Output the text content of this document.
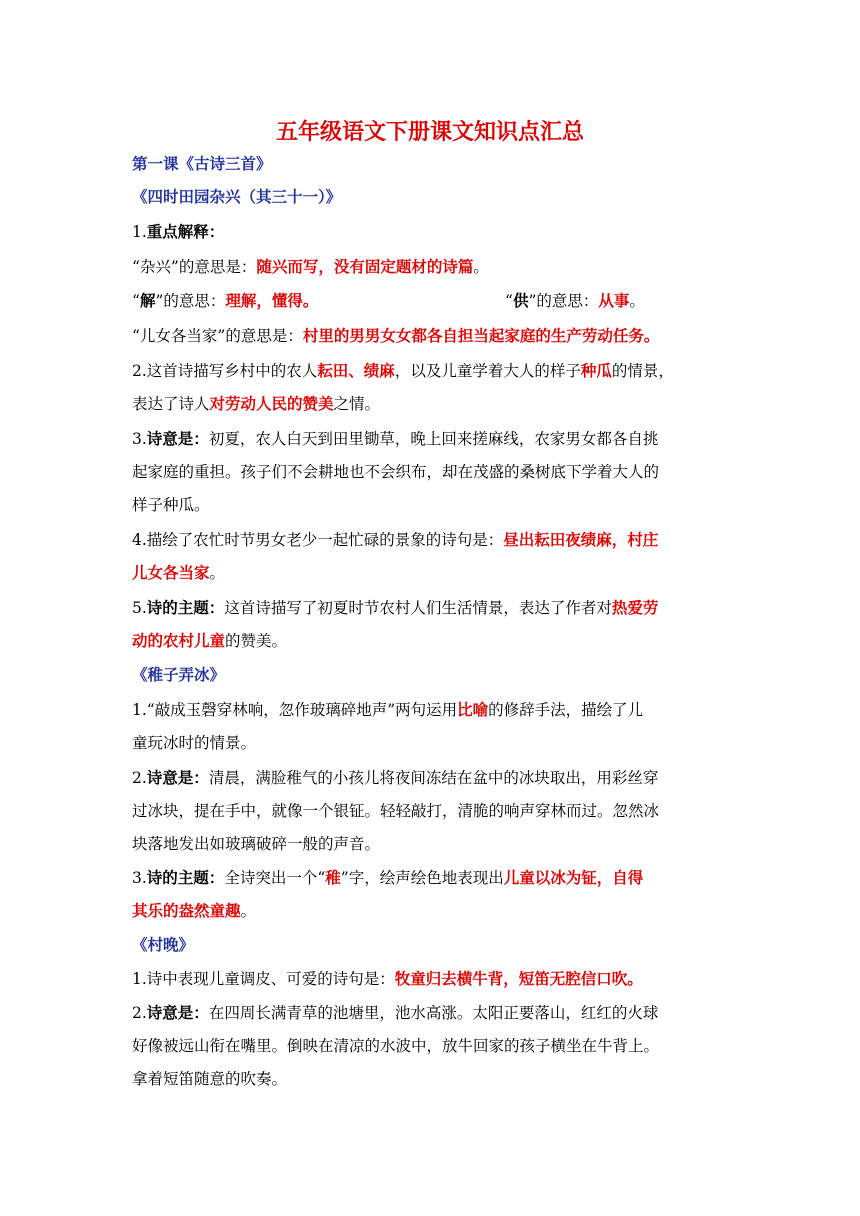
五年级语文下册课文知识点汇总
第一课《古诗三首》
《四时田园杂兴（其三十一）》
1.重点解释：
“杂兴”的意思是：随兴而写，没有固定题材的诗篇。
“解”的意思：理解，懂得。	“供”的意思：从事。
“儿女各当家”的意思是：村里的男男女女都各自担当起家庭的生产劳动任务。
2.这首诗描写乡村中的农人耘田、绩麻，以及儿童学着大人的样子种瓜的情景，
表达了诗人对劳动人民的赞美之情。
3.诗意是：初夏，农人白天到田里锄草，晚上回来搓麻线，农家男女都各自挑
起家庭的重担。孩子们不会耕地也不会织布，却在茂盛的桑树底下学着大人的
样子种瓜。
4.描绘了农忙时节男女老少一起忙碌的景象的诗句是：昼出耘田夜绩麻，村庄
儿女各当家。
5.诗的主题：这首诗描写了初夏时节农村人们生活情景，表达了作者对热爱劳
动的农村儿童的赞美。
《稚子弄冰》
1.“敲成玉磬穿林响，忽作玻璃碎地声”两句运用比喻的修辞手法，描绘了儿
童玩冰时的情景。
2.诗意是：清晨，满脸稚气的小孩儿将夜间冻结在盆中的冰块取出，用彩丝穿
过冰块，提在手中，就像一个银钲。轻轻敲打，清脆的响声穿林而过。忽然冰
块落地发出如玻璃破碎一般的声音。
3.诗的主题：全诗突出一个“稚”字，绘声绘色地表现出儿童以冰为钲，自得
其乐的盎然童趣。
《村晚》
1.诗中表现儿童调皮、可爱的诗句是：牧童归去横牛背，短笛无腔信口吹。
2.诗意是：在四周长满青草的池塘里，池水高涨。太阳正要落山，红红的火球
好像被远山衔在嘴里。倒映在清凉的水波中，放牛回家的孩子横坐在牛背上。
拿着短笛随意的吹奏。
